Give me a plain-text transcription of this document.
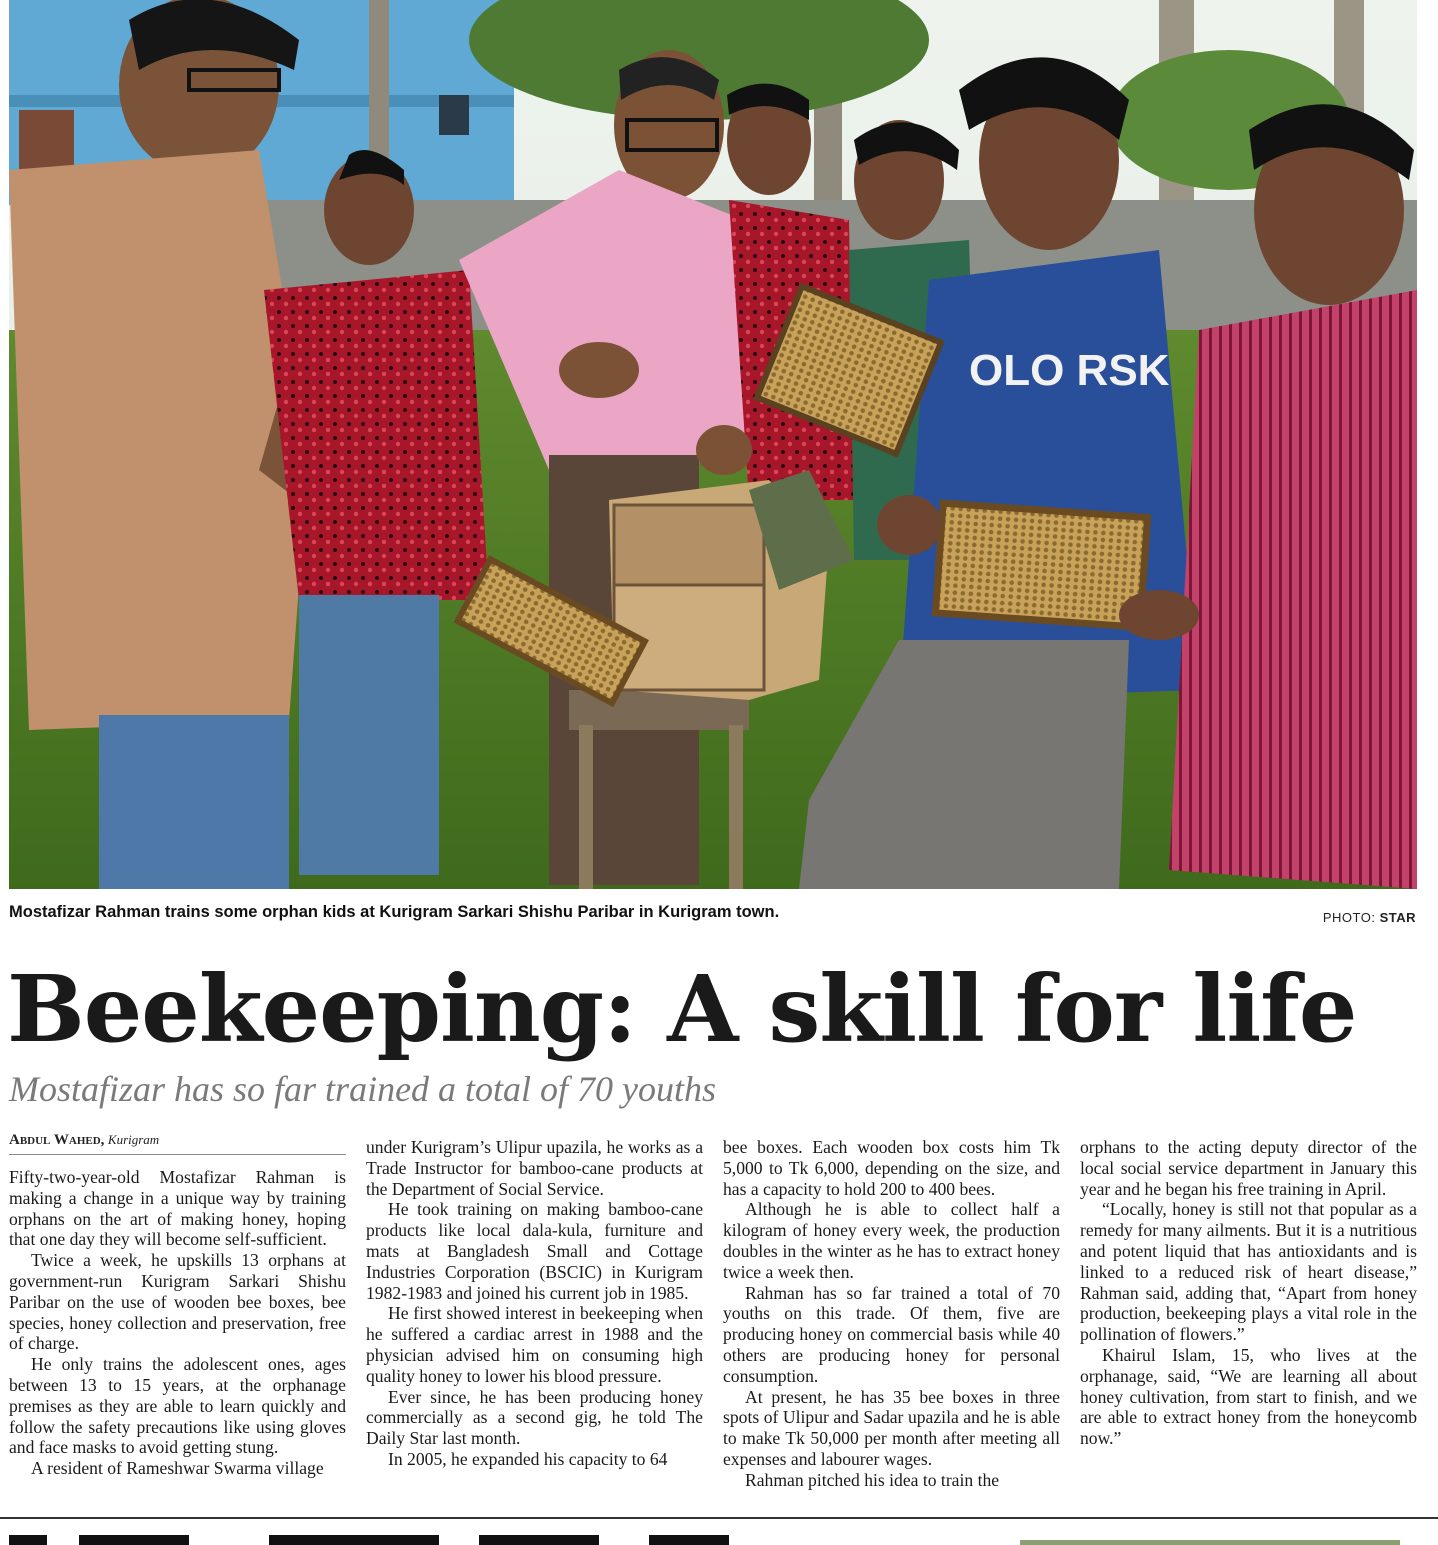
OLO RSK
Mostafizar Rahman trains some orphan kids at Kurigram Sarkari Shishu Paribar in Kurigram town.	PHOTO: STAR
Beekeeping: A skill for life
Mostafizar has so far trained a total of 70 youths
Abdul Wahed, Kurigram

Fifty-two-year-old Mostafizar Rahman is making a change in a unique way by training orphans on the art of making honey, hoping that one day they will become self-sufficient.

Twice a week, he upskills 13 orphans at government-run Kurigram Sarkari Shishu Paribar on the use of wooden bee boxes, bee species, honey collection and preservation, free of charge.

He only trains the adolescent ones, ages between 13 to 15 years, at the orphanage premises as they are able to learn quickly and follow the safety precautions like using gloves and face masks to avoid getting stung.

A resident of Rameshwar Swarma village

under Kurigram’s Ulipur upazila, he works as a Trade Instructor for bamboo-cane products at the Department of Social Service.

He took training on making bamboo-cane products like local dala-kula, furniture and mats at Bangladesh Small and Cottage Industries Corporation (BSCIC) in Kurigram 1982-1983 and joined his current job in 1985.

He first showed interest in beekeeping when he suffered a cardiac arrest in 1988 and the physician advised him on consuming high quality honey to lower his blood pressure.

Ever since, he has been producing honey commercially as a second gig, he told The Daily Star last month.

In 2005, he expanded his capacity to 64

bee boxes. Each wooden box costs him Tk 5,000 to Tk 6,000, depending on the size, and has a capacity to hold 200 to 400 bees.

Although he is able to collect half a kilogram of honey every week, the production doubles in the winter as he has to extract honey twice a week then.

Rahman has so far trained a total of 70 youths on this trade. Of them, five are producing honey on commercial basis while 40 others are producing honey for personal consumption.

At present, he has 35 bee boxes in three spots of Ulipur and Sadar upazila and he is able to make Tk 50,000 per month after meeting all expenses and labourer wages.

Rahman pitched his idea to train the

orphans to the acting deputy director of the local social service department in January this year and he began his free training in April.

“Locally, honey is still not that popular as a remedy for many ailments. But it is a nutritious and potent liquid that has antioxidants and is linked to a reduced risk of heart disease,” Rahman said, adding that, “Apart from honey production, beekeeping plays a vital role in the pollination of flowers.”

Khairul Islam, 15, who lives at the orphanage, said, “We are learning all about honey cultivation, from start to finish, and we are able to extract honey from the honeycomb now.”
